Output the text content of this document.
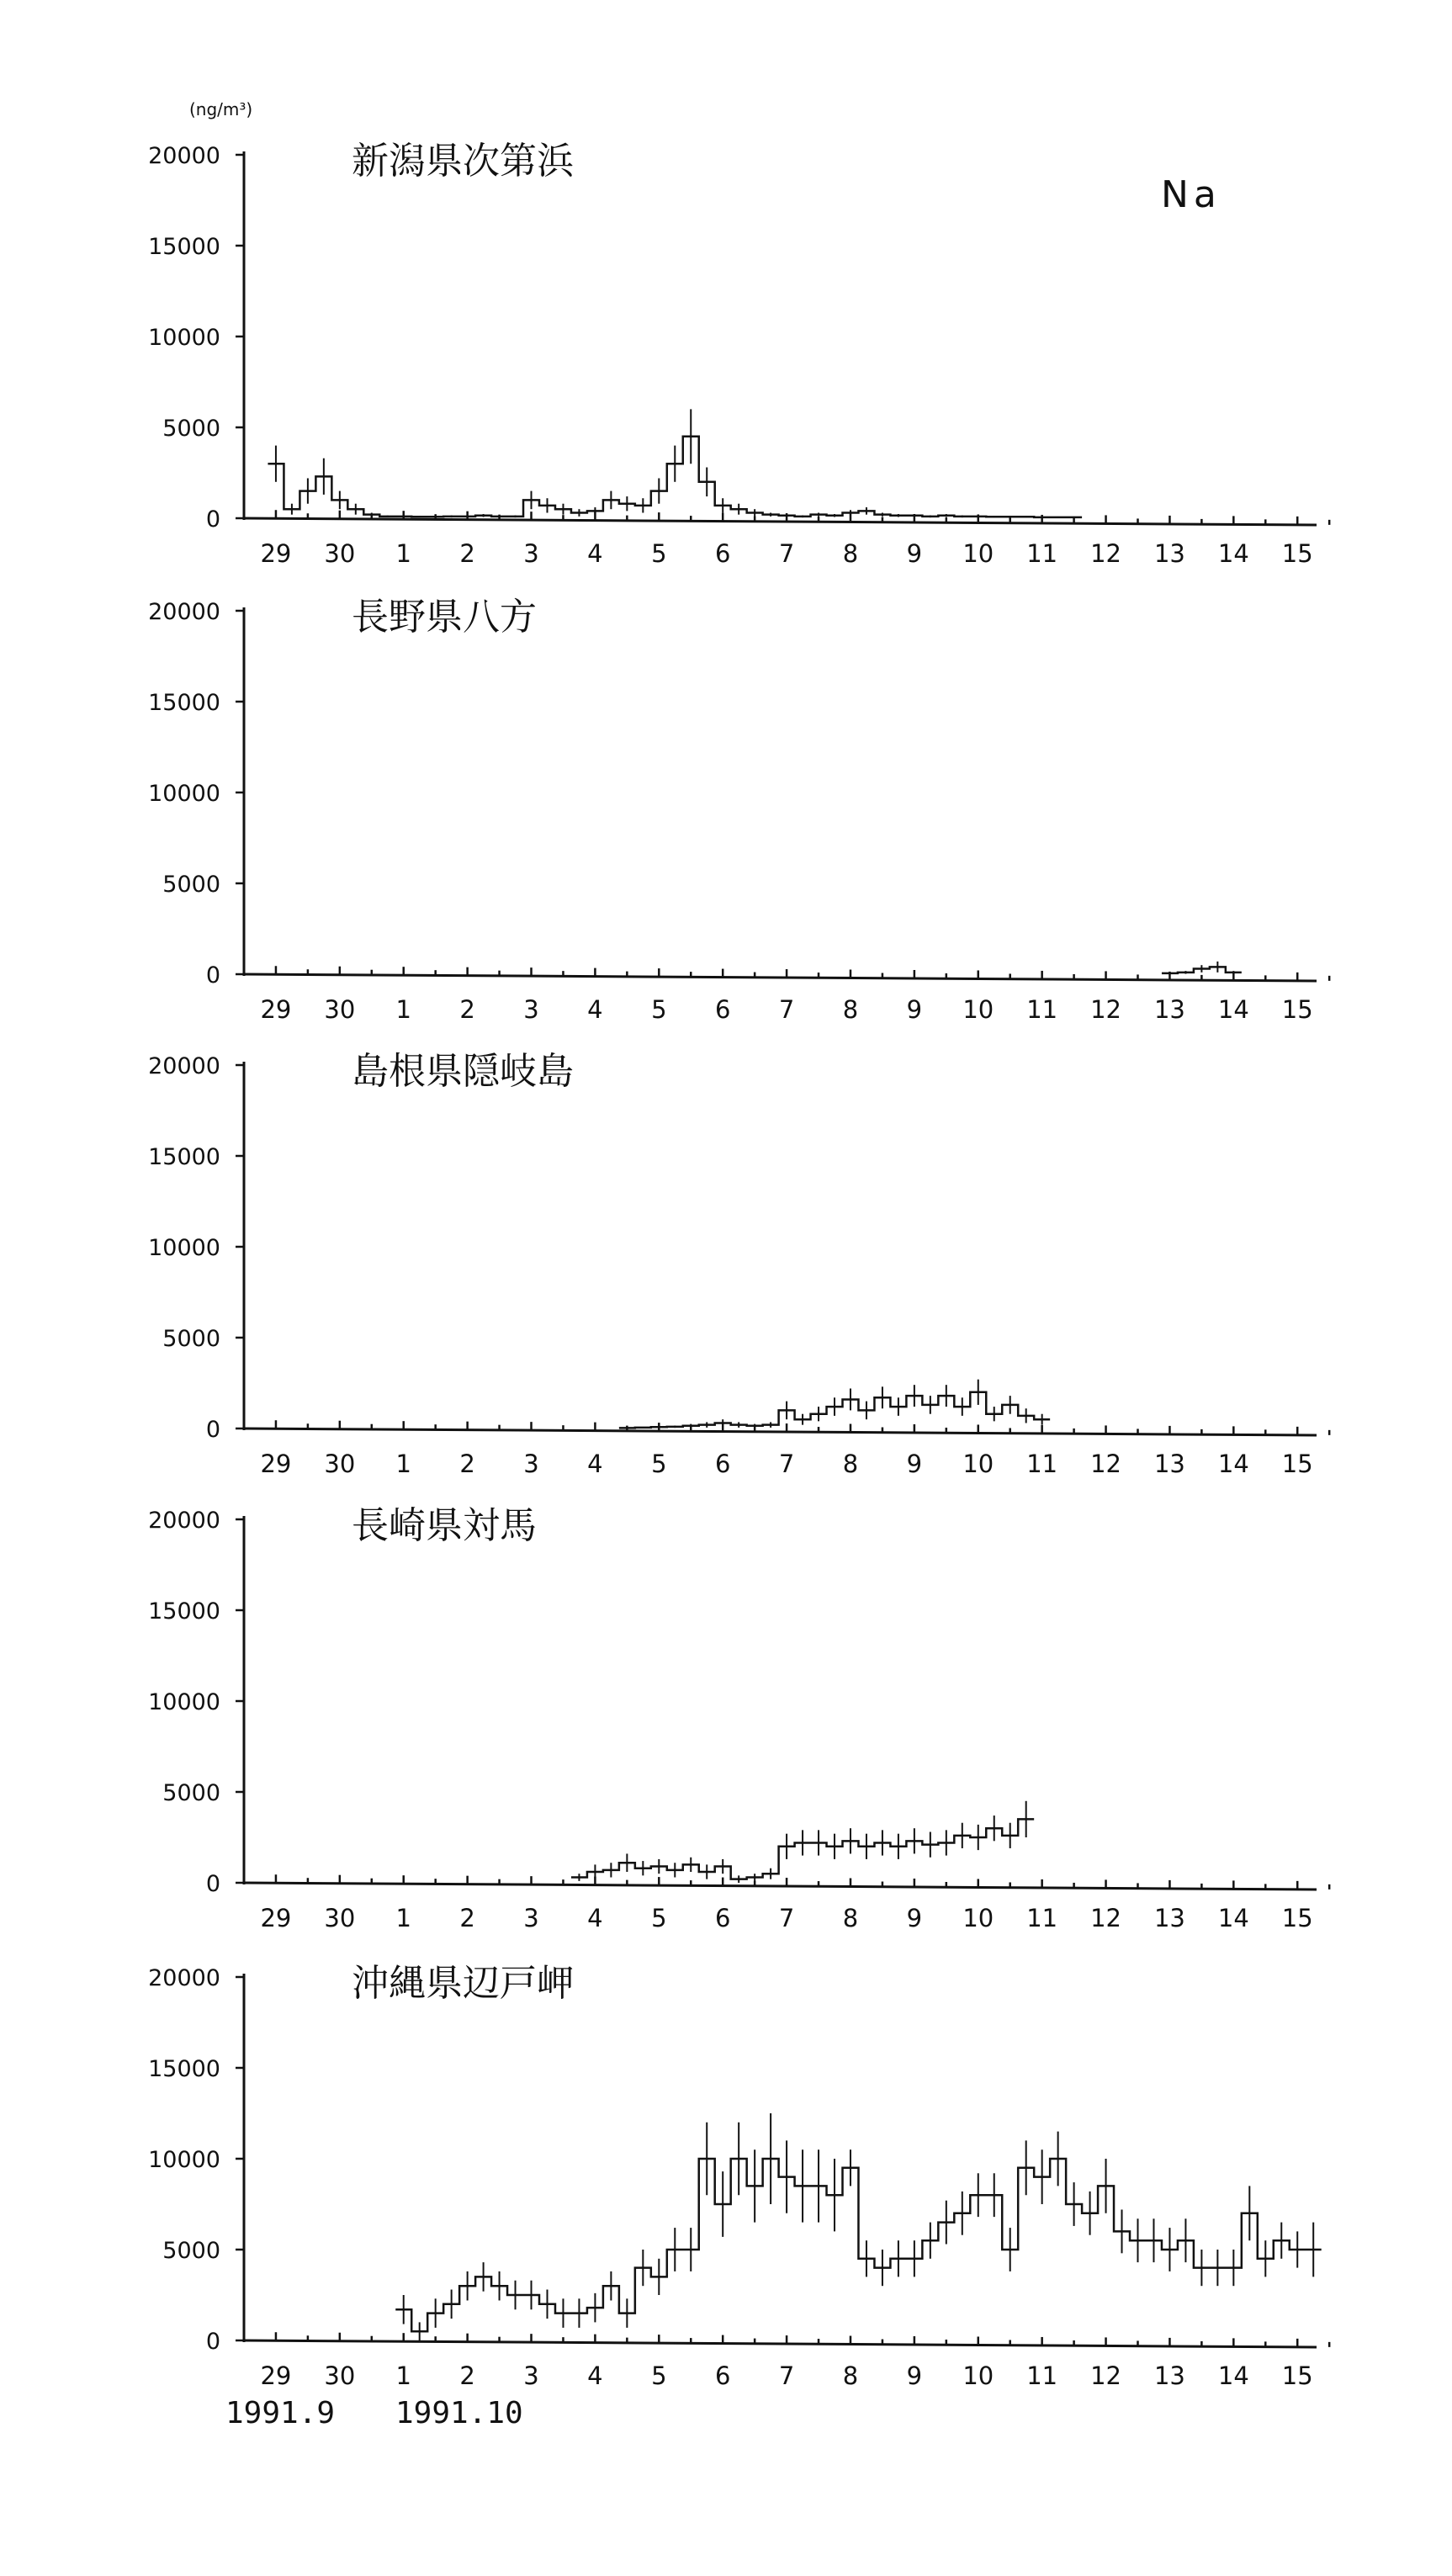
(ng/m³)
Na
新潟県次第浜
20000
15000
10000
5000
0
29 30 1 2 3 4 5 6 7 8 9 10 11 12 13 14 15
長野県八方
20000
15000
10000
5000
0
29 30 1 2 3 4 5 6 7 8 9 10 11 12 13 14 15
島根県隠岐島
20000
15000
10000
5000
0
29 30 1 2 3 4 5 6 7 8 9 10 11 12 13 14 15
長崎県対馬
20000
15000
10000
5000
0
29 30 1 2 3 4 5 6 7 8 9 10 11 12 13 14 15
沖縄県辺戸岬
20000
15000
10000
5000
0
29 30 1 2 3 4 5 6 7 8 9 10 11 12 13 14 15
1991.9 1991.10
